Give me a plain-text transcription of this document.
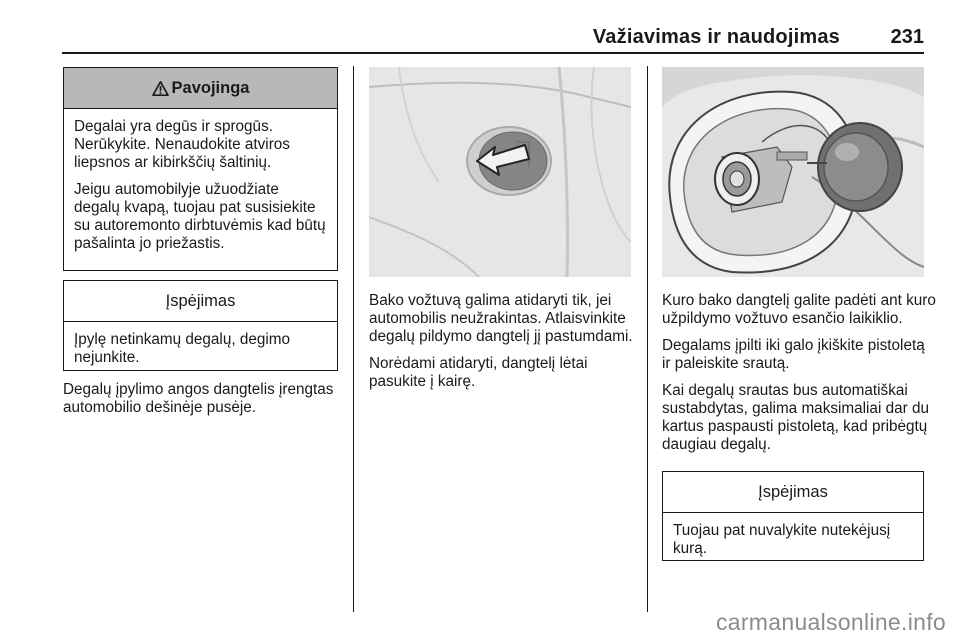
Važiavimas ir naudojimas	231
Pavojinga

Degalai yra degūs ir sprogūs. Nerūkykite. Nenaudokite atviros liepsnos ar kibirkščių šaltinių.

Jeigu automobilyje užuodžiate degalų kvapą, tuojau pat susisiekite su autoremonto dirbtuvėmis kad būtų pašalinta jo priežastis.

Įspėjimas

Įpylę netinkamų degalų, degimo nejunkite.

Degalų įpylimo angos dangtelis įrengtas automobilio dešinėje pusėje.

Bako vožtuvą galima atidaryti tik, jei automobilis neužrakintas. Atlaisvinkite degalų pildymo dangtelį jį pastumdami.

Norėdami atidaryti, dangtelį lėtai pasukite į kairę.

Kuro bako dangtelį galite padėti ant kuro užpildymo vožtuvo esančio laikiklio.

Degalams įpilti iki galo įkiškite pistoletą ir paleiskite srautą.

Kai degalų srautas bus automatiškai sustabdytas, galima maksimaliai dar du kartus paspausti pistoletą, kad pribėgtų daugiau degalų.

Įspėjimas

Tuojau pat nuvalykite nutekėjusį kurą.

carmanualsonline.info
